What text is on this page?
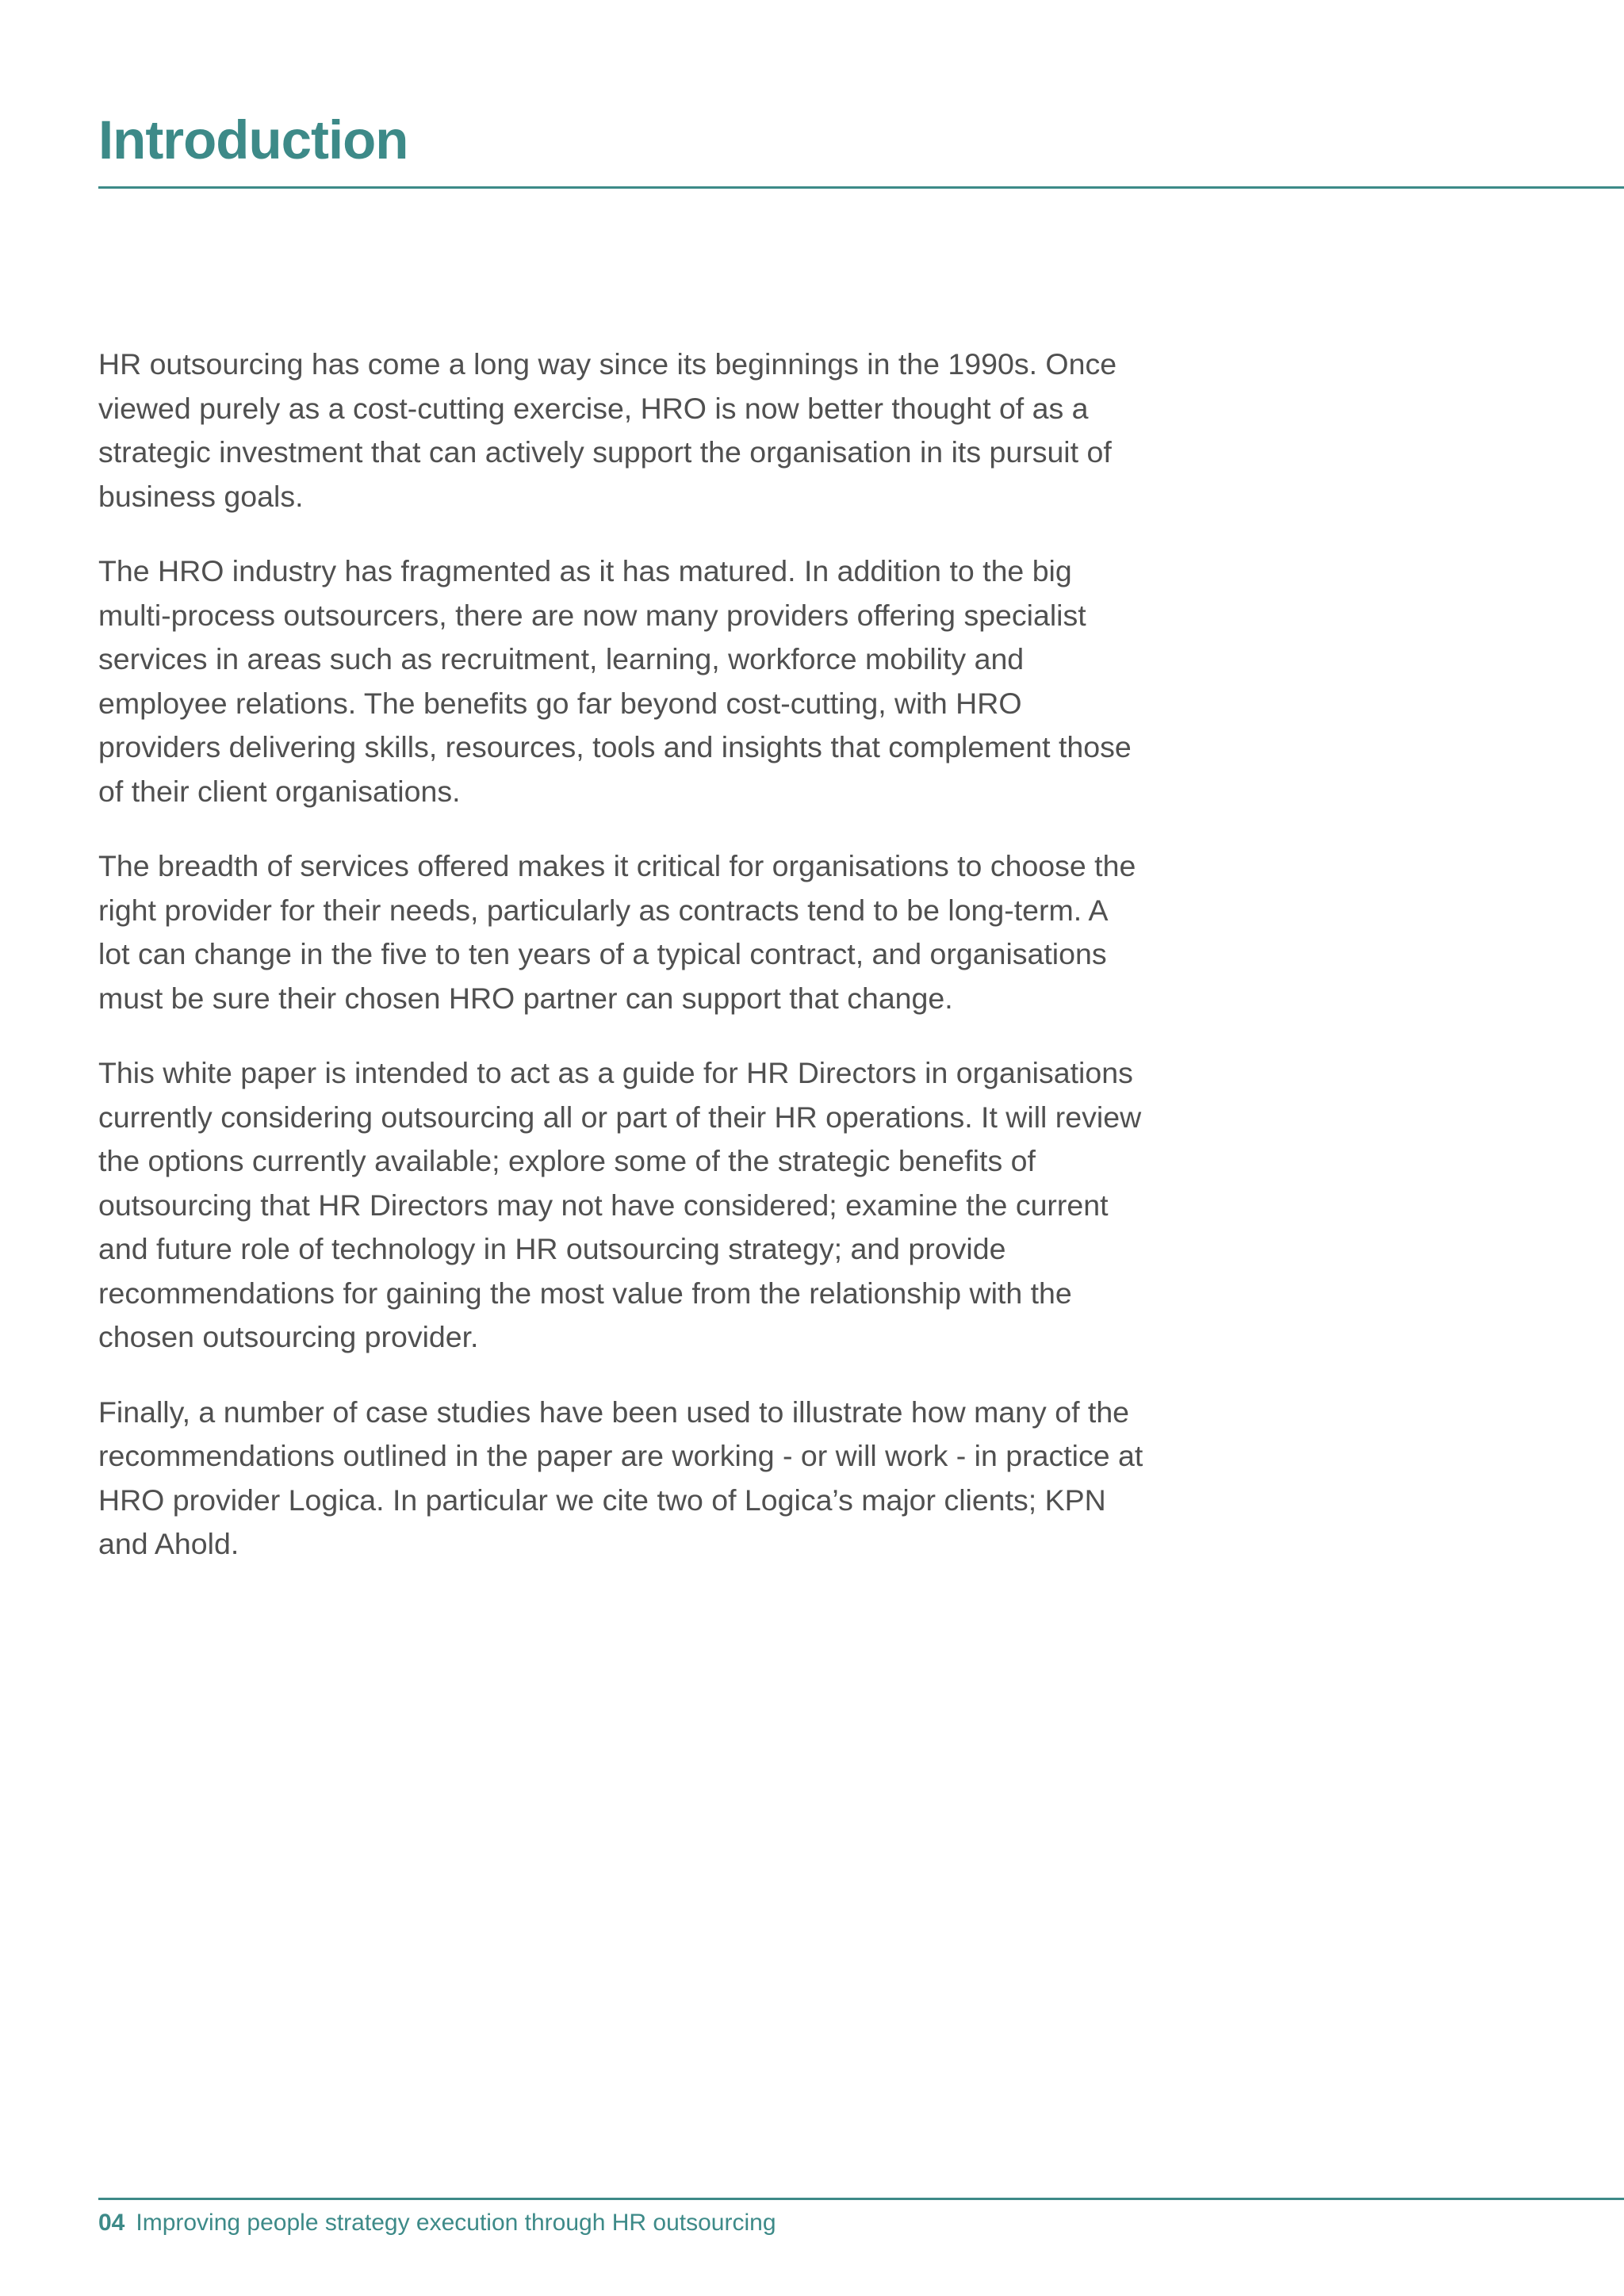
Introduction

HR outsourcing has come a long way since its beginnings in the 1990s. Once viewed purely as a cost-cutting exercise, HRO is now better thought of as a strategic investment that can actively support the organisation in its pursuit of business goals.

The HRO industry has fragmented as it has matured. In addition to the big multi-process outsourcers, there are now many providers offering specialist services in areas such as recruitment, learning, workforce mobility and employee relations. The benefits go far beyond cost-cutting, with HRO providers delivering skills, resources, tools and insights that complement those of their client organisations.

The breadth of services offered makes it critical for organisations to choose the right provider for their needs, particularly as contracts tend to be long-term. A lot can change in the five to ten years of a typical contract, and organisations must be sure their chosen HRO partner can support that change.

This white paper is intended to act as a guide for HR Directors in organisations currently considering outsourcing all or part of their HR operations. It will review the options currently available; explore some of the strategic benefits of outsourcing that HR Directors may not have considered; examine the current and future role of technology in HR outsourcing strategy; and provide recommendations for gaining the most value from the relationship with the chosen outsourcing provider.

Finally, a number of case studies have been used to illustrate how many of the recommendations outlined in the paper are working - or will work - in practice at HRO provider Logica. In particular we cite two of Logica’s major clients; KPN and Ahold.

04 Improving people strategy execution through HR outsourcing
